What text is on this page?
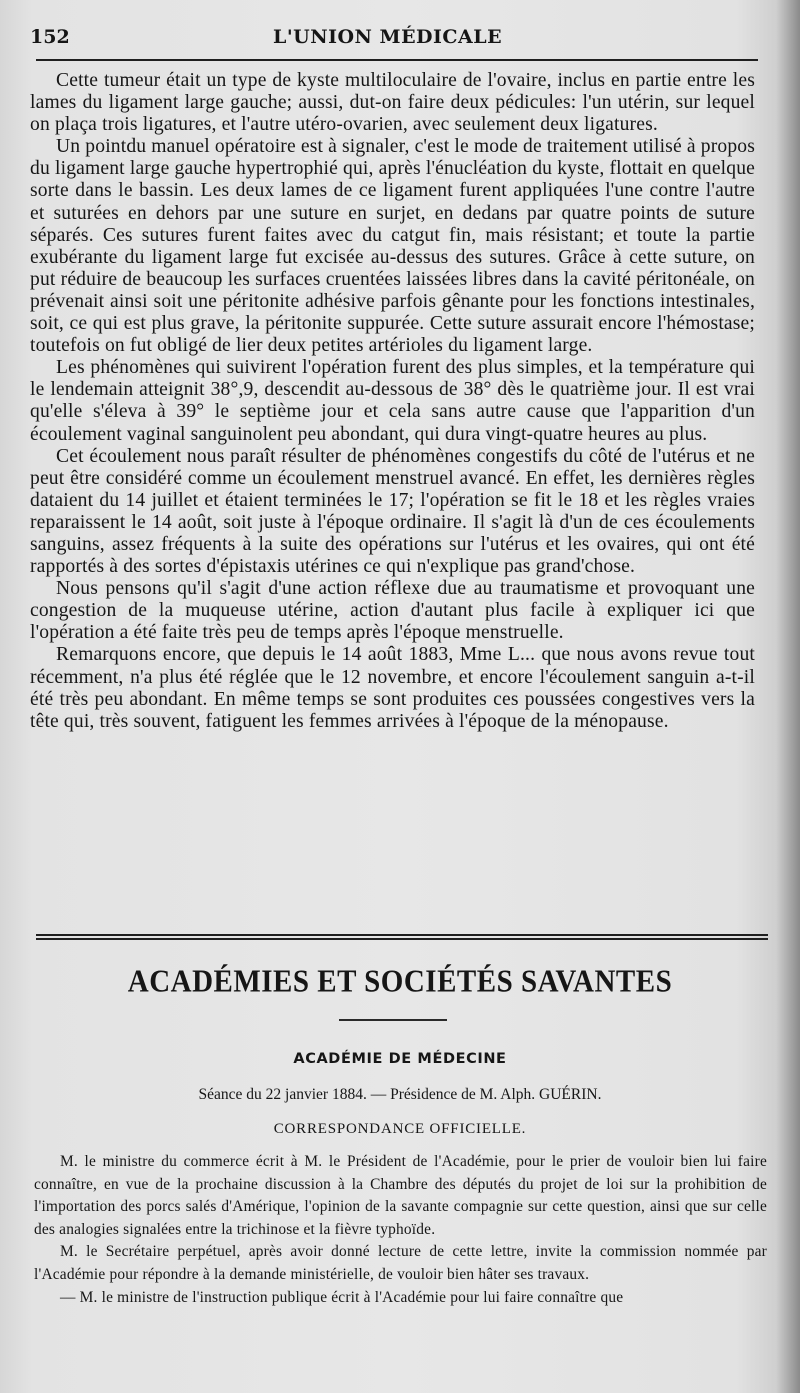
152	L'UNION MÉDICALE

Cette tumeur était un type de kyste multiloculaire de l'ovaire, inclus en partie entre les lames du ligament large gauche; aussi, dut-on faire deux pédicules: l'un utérin, sur lequel on plaça trois ligatures, et l'autre utéro-ovarien, avec seulement deux ligatures.

Un pointdu manuel opératoire est à signaler, c'est le mode de traitement utilisé à propos du ligament large gauche hypertrophié qui, après l'énucléation du kyste, flottait en quelque sorte dans le bassin. Les deux lames de ce ligament furent appliquées l'une contre l'autre et suturées en dehors par une suture en surjet, en dedans par quatre points de suture séparés. Ces sutures furent faites avec du catgut fin, mais résistant; et toute la partie exubérante du ligament large fut excisée au-dessus des sutures. Grâce à cette suture, on put réduire de beaucoup les surfaces cruentées laissées libres dans la cavité péritonéale, on prévenait ainsi soit une péritonite adhésive parfois gênante pour les fonctions intestinales, soit, ce qui est plus grave, la péritonite suppurée. Cette suture assurait encore l'hémostase; toutefois on fut obligé de lier deux petites artérioles du ligament large.

Les phénomènes qui suivirent l'opération furent des plus simples, et la température qui le lendemain atteignit 38°,9, descendit au-dessous de 38° dès le quatrième jour. Il est vrai qu'elle s'éleva à 39° le septième jour et cela sans autre cause que l'apparition d'un écoulement vaginal sanguinolent peu abondant, qui dura vingt-quatre heures au plus.

Cet écoulement nous paraît résulter de phénomènes congestifs du côté de l'utérus et ne peut être considéré comme un écoulement menstruel avancé. En effet, les dernières règles dataient du 14 juillet et étaient terminées le 17; l'opération se fit le 18 et les règles vraies reparaissent le 14 août, soit juste à l'époque ordinaire. Il s'agit là d'un de ces écoulements sanguins, assez fréquents à la suite des opérations sur l'utérus et les ovaires, qui ont été rapportés à des sortes d'épistaxis utérines ce qui n'explique pas grand'chose.

Nous pensons qu'il s'agit d'une action réflexe due au traumatisme et provoquant une congestion de la muqueuse utérine, action d'autant plus facile à expliquer ici que l'opération a été faite très peu de temps après l'époque menstruelle.

Remarquons encore, que depuis le 14 août 1883, Mme L... que nous avons revue tout récemment, n'a plus été réglée que le 12 novembre, et encore l'écoulement sanguin a-t-il été très peu abondant. En même temps se sont produites ces poussées congestives vers la tête qui, très souvent, fatiguent les femmes arrivées à l'époque de la ménopause.

ACADÉMIES ET SOCIÉTÉS SAVANTES
ACADÉMIE DE MÉDECINE
Séance du 22 janvier 1884. — Présidence de M. Alph. GUÉRIN.
CORRESPONDANCE OFFICIELLE.

M. le ministre du commerce écrit à M. le Président de l'Académie, pour le prier de vouloir bien lui faire connaître, en vue de la prochaine discussion à la Chambre des députés du projet de loi sur la prohibition de l'importation des porcs salés d'Amérique, l'opinion de la savante compagnie sur cette question, ainsi que sur celle des analogies signalées entre la trichinose et la fièvre typhoïde.

M. le Secrétaire perpétuel, après avoir donné lecture de cette lettre, invite la commission nommée par l'Académie pour répondre à la demande ministérielle, de vouloir bien hâter ses travaux.

— M. le ministre de l'instruction publique écrit à l'Académie pour lui faire connaître que
